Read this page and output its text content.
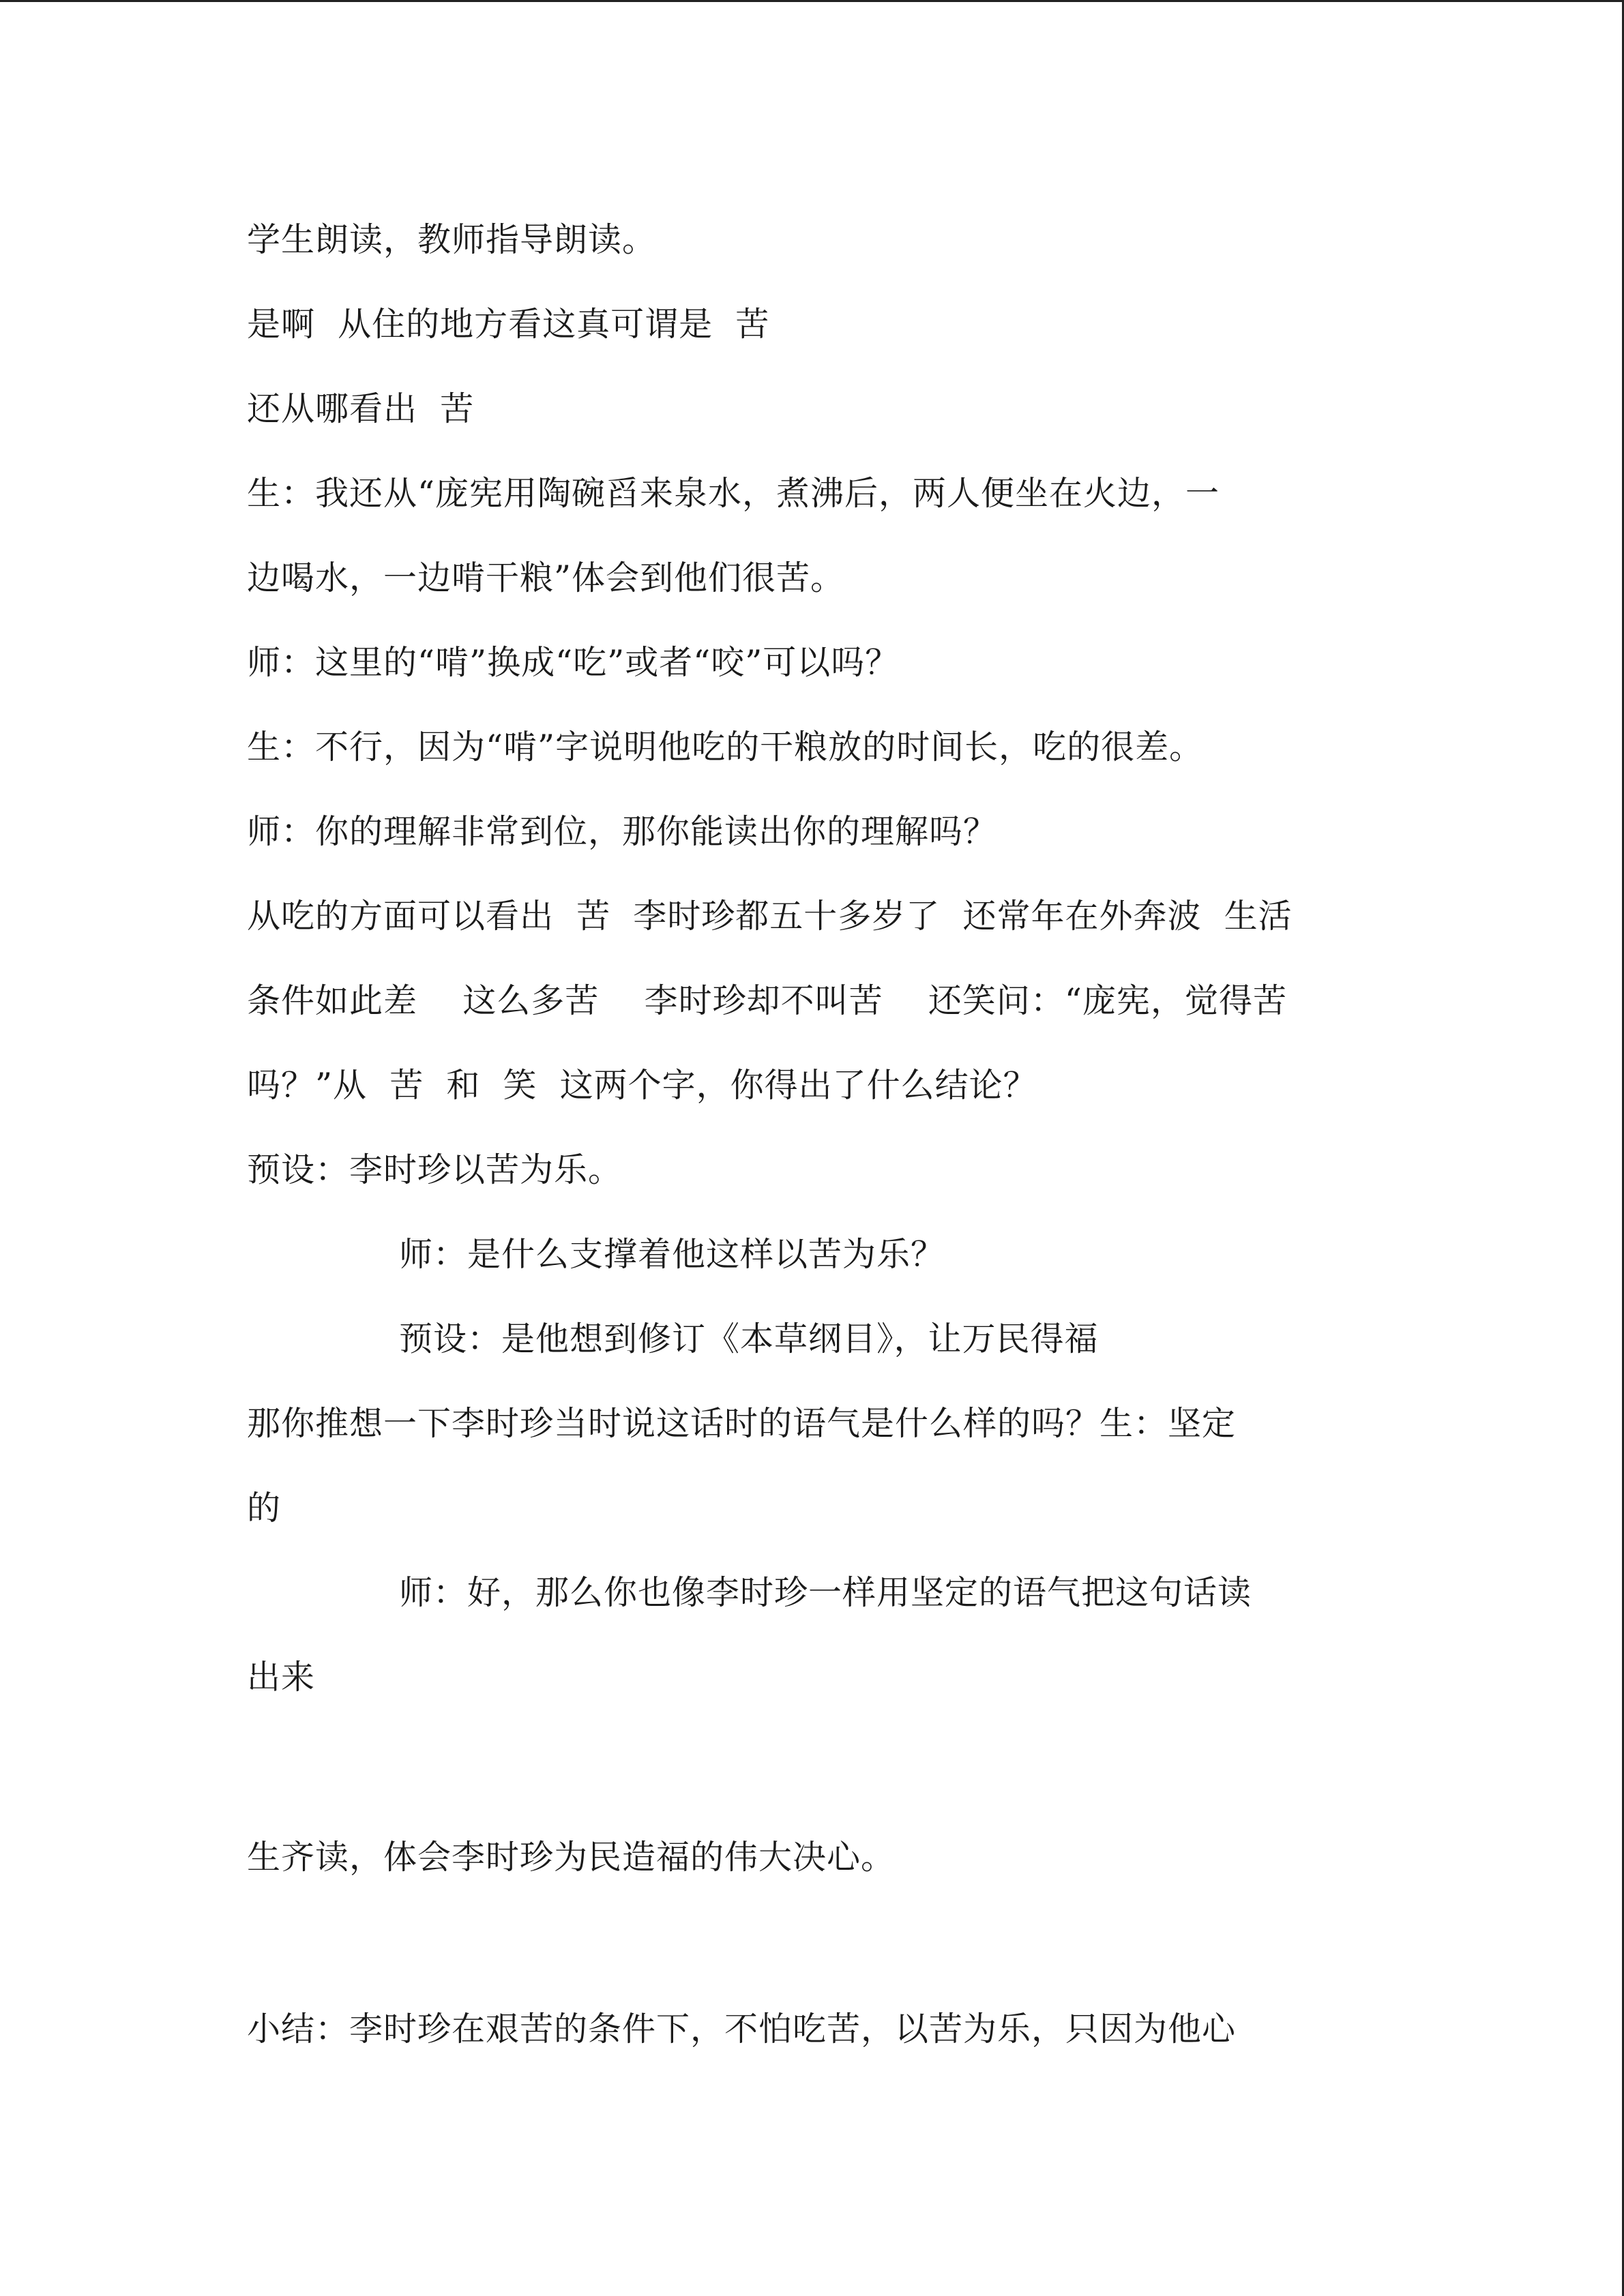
学生朗读，教师指导朗读。
是啊  从住的地方看这真可谓是  苦
还从哪看出  苦
生：我还从“庞宪用陶碗舀来泉水，煮沸后，两人便坐在火边，一
边喝水，一边啃干粮”体会到他们很苦。
师：这里的“啃”换成“吃”或者“咬”可以吗？
生：不行，因为“啃”字说明他吃的干粮放的时间长，吃的很差。
师：你的理解非常到位，那你能读出你的理解吗？
从吃的方面可以看出  苦  李时珍都五十多岁了  还常年在外奔波  生活
条件如此差    这么多苦    李时珍却不叫苦    还笑问：“庞宪，觉得苦
吗？”从  苦  和  笑  这两个字，你得出了什么结论？
预设：李时珍以苦为乐。
师：是什么支撑着他这样以苦为乐？
预设：是他想到修订《本草纲目》，让万民得福
那你推想一下李时珍当时说这话时的语气是什么样的吗？生：坚定
的
师：好，那么你也像李时珍一样用坚定的语气把这句话读
出来
生齐读，体会李时珍为民造福的伟大决心。
小结：李时珍在艰苦的条件下，不怕吃苦，以苦为乐，只因为他心
